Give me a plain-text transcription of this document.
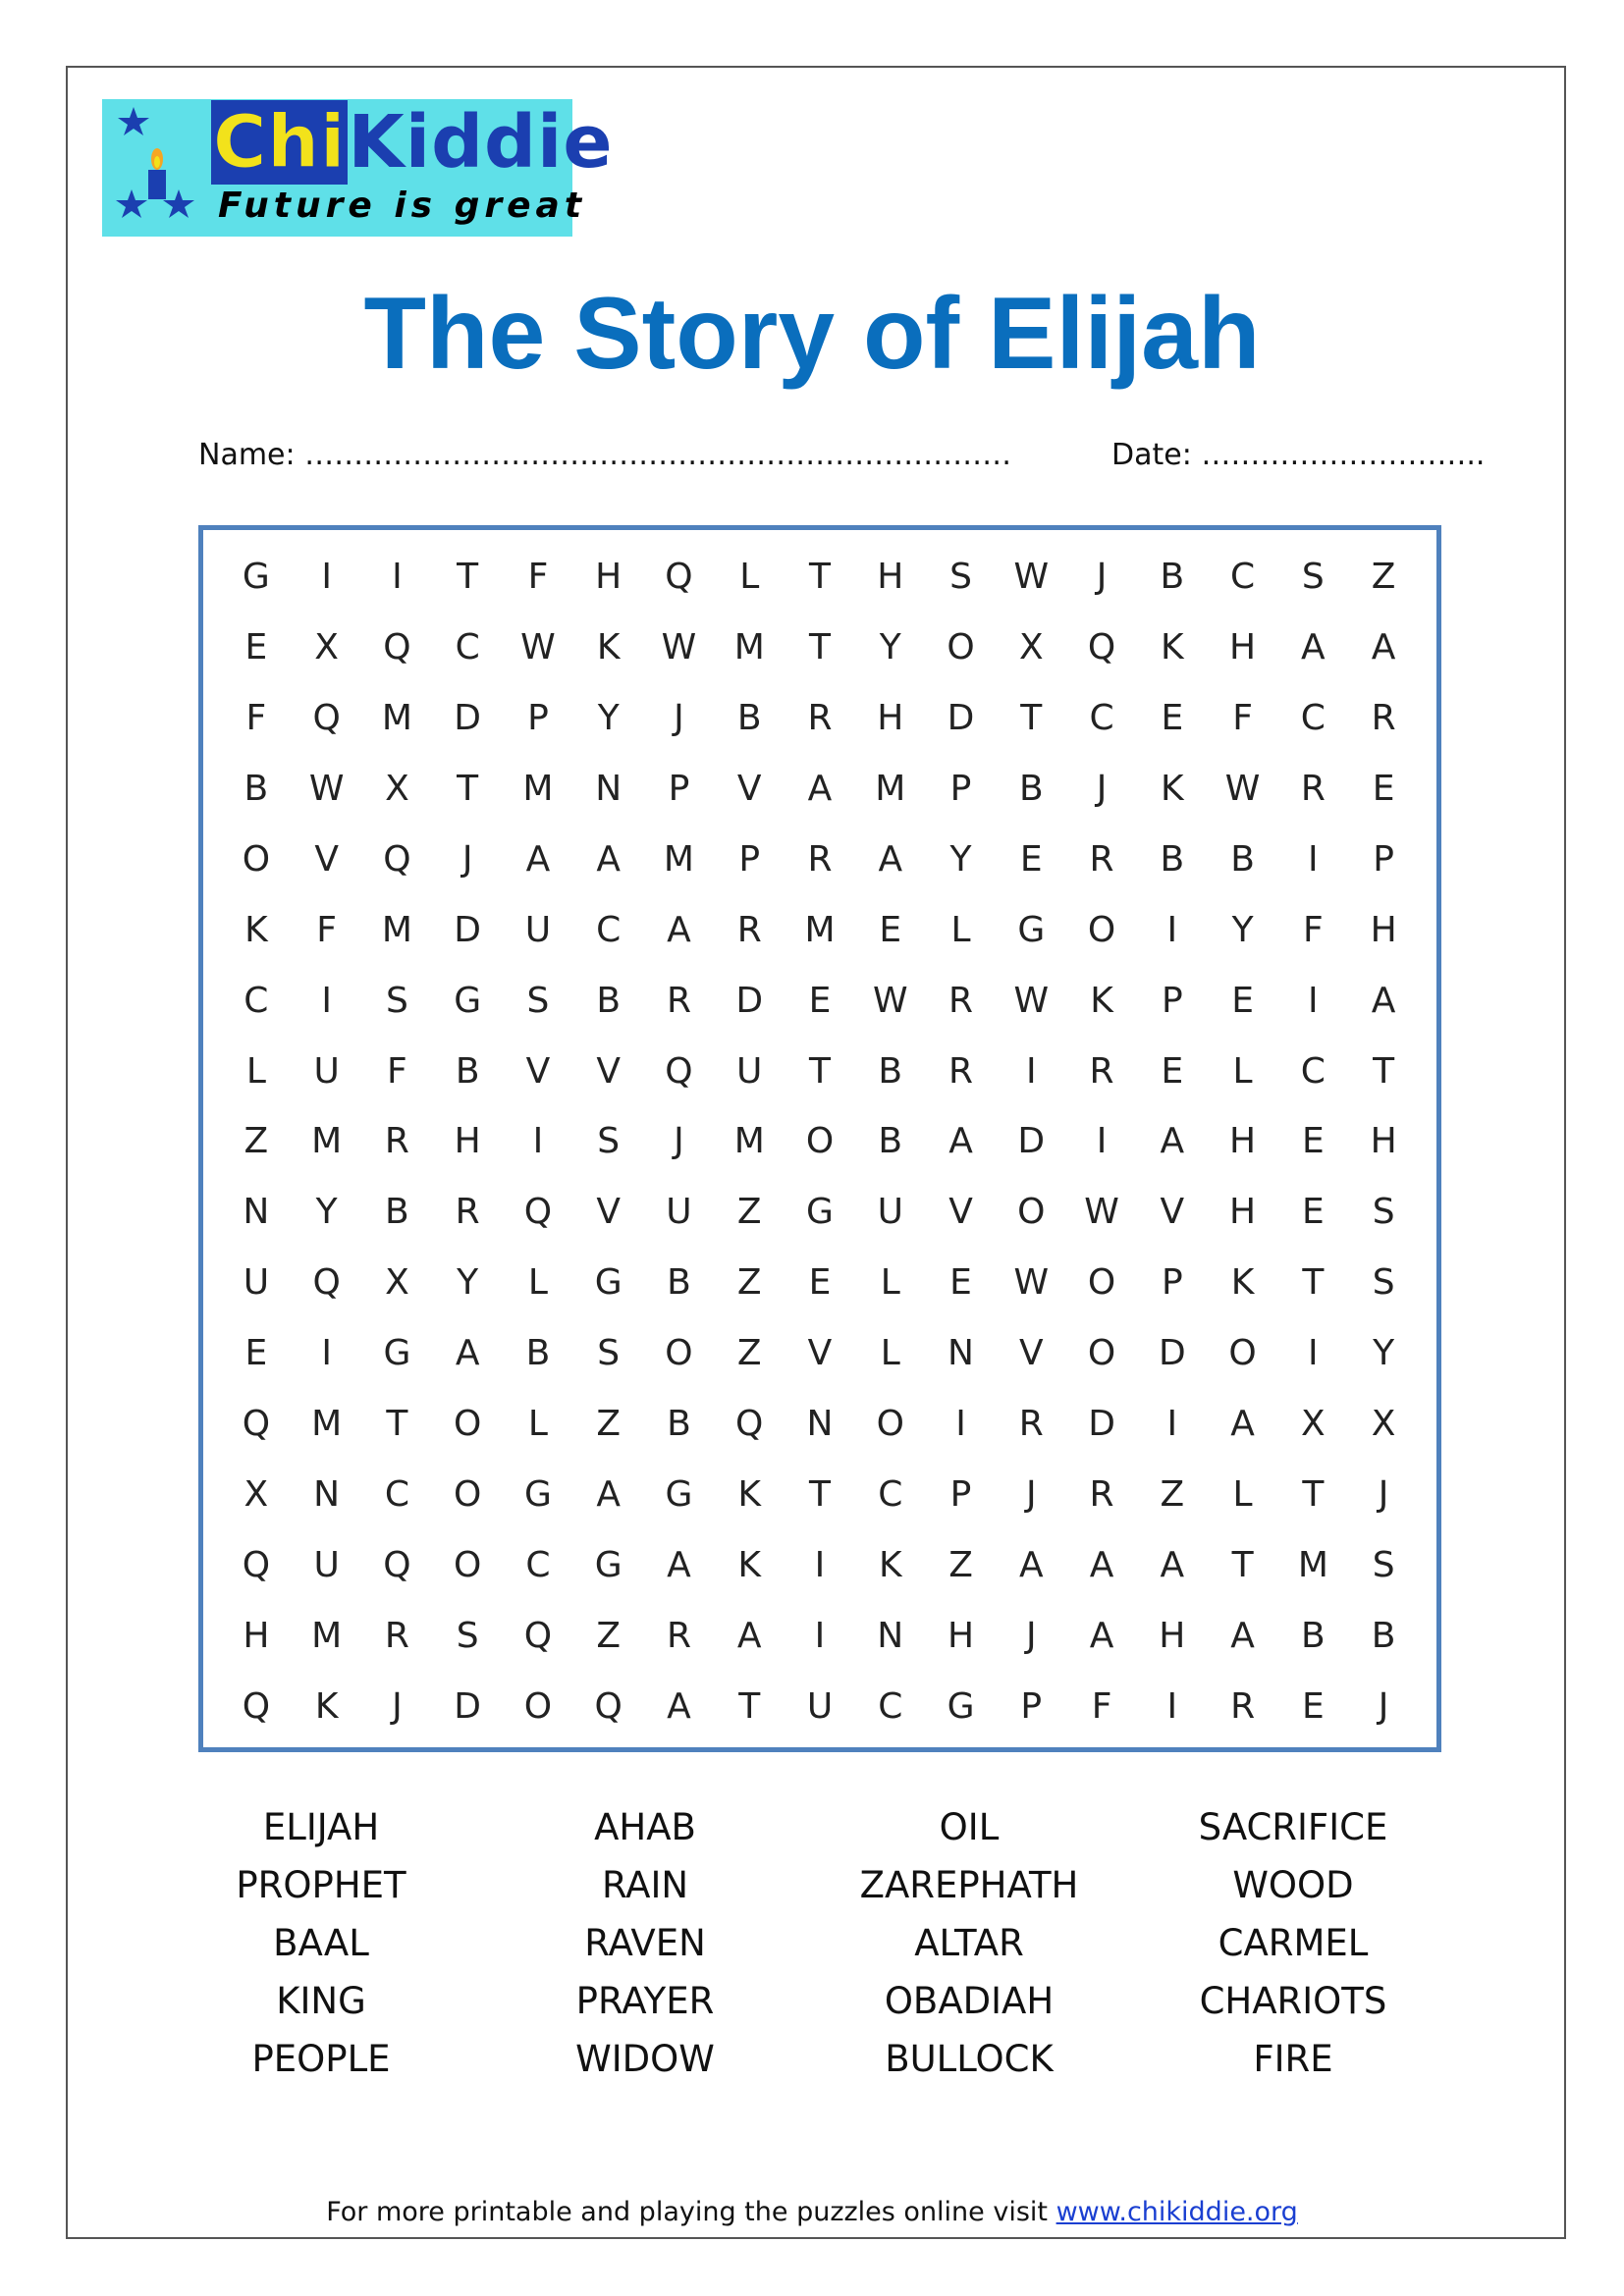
ChiKiddie
Future is great
The Story of Elijah
Name: ………………………………………………………………	Date: ………………………..
G	I	I	T	F	H	Q	L	T	H	S	W	J	B	C	S	Z
E	X	Q	C	W	K	W	M	T	Y	O	X	Q	K	H	A	A
F	Q	M	D	P	Y	J	B	R	H	D	T	C	E	F	C	R
B	W	X	T	M	N	P	V	A	M	P	B	J	K	W	R	E
O	V	Q	J	A	A	M	P	R	A	Y	E	R	B	B	I	P
K	F	M	D	U	C	A	R	M	E	L	G	O	I	Y	F	H
C	I	S	G	S	B	R	D	E	W	R	W	K	P	E	I	A
L	U	F	B	V	V	Q	U	T	B	R	I	R	E	L	C	T
Z	M	R	H	I	S	J	M	O	B	A	D	I	A	H	E	H
N	Y	B	R	Q	V	U	Z	G	U	V	O	W	V	H	E	S
U	Q	X	Y	L	G	B	Z	E	L	E	W	O	P	K	T	S
E	I	G	A	B	S	O	Z	V	L	N	V	O	D	O	I	Y
Q	M	T	O	L	Z	B	Q	N	O	I	R	D	I	A	X	X
X	N	C	O	G	A	G	K	T	C	P	J	R	Z	L	T	J
Q	U	Q	O	C	G	A	K	I	K	Z	A	A	A	T	M	S
H	M	R	S	Q	Z	R	A	I	N	H	J	A	H	A	B	B
Q	K	J	D	O	Q	A	T	U	C	G	P	F	I	R	E	J
ELIJAH	AHAB	OIL	SACRIFICE
PROPHET	RAIN	ZAREPHATH	WOOD
BAAL	RAVEN	ALTAR	CARMEL
KING	PRAYER	OBADIAH	CHARIOTS
PEOPLE	WIDOW	BULLOCK	FIRE
For more printable and playing the puzzles online visit www.chikiddie.org
